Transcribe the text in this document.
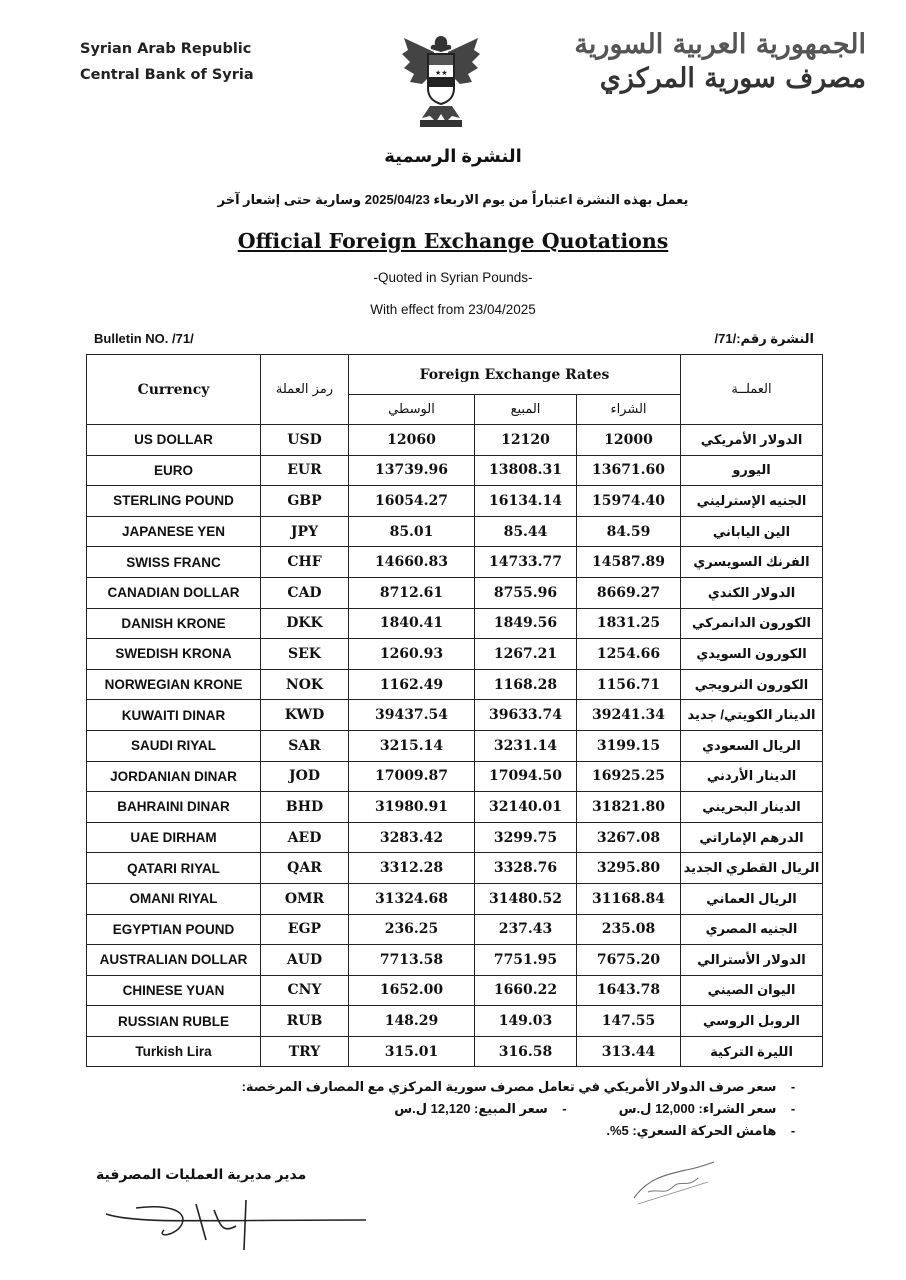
Syrian Arab Republic
Central Bank of Syria	★★
الجمهورية العربية السورية
مصرف سورية المركزي
النشرة الرسمية
يعمل بهذه النشرة اعتباراً من يوم الاربعاء 2025/04/23 وسارية حتى إشعار آخر
Official Foreign Exchange Quotations
-Quoted in Syrian Pounds-
With effect from 23/04/2025
Bulletin NO. /71/	النشرة رقم:/71/
Currency	رمز العملة	Foreign Exchange Rates			العملــة
		الوسطي	المبيع	الشراء	
US DOLLAR	USD	12060	12120	12000	الدولار الأمريكي
EURO	EUR	13739.96	13808.31	13671.60	اليورو
STERLING POUND	GBP	16054.27	16134.14	15974.40	الجنيه الإسترليني
JAPANESE YEN	JPY	85.01	85.44	84.59	الين الياباني
SWISS FRANC	CHF	14660.83	14733.77	14587.89	الفرنك السويسري
CANADIAN DOLLAR	CAD	8712.61	8755.96	8669.27	الدولار الكندي
DANISH KRONE	DKK	1840.41	1849.56	1831.25	الكورون الدانمركي
SWEDISH KRONA	SEK	1260.93	1267.21	1254.66	الكورون السويدي
NORWEGIAN KRONE	NOK	1162.49	1168.28	1156.71	الكورون النرويجي
KUWAITI DINAR	KWD	39437.54	39633.74	39241.34	الدينار الكويتي/ جديد
SAUDI RIYAL	SAR	3215.14	3231.14	3199.15	الريال السعودي
JORDANIAN DINAR	JOD	17009.87	17094.50	16925.25	الدينار الأردني
BAHRAINI DINAR	BHD	31980.91	32140.01	31821.80	الدينار البحريني
UAE DIRHAM	AED	3283.42	3299.75	3267.08	الدرهم الإماراتي
QATARI RIYAL	QAR	3312.28	3328.76	3295.80	الريال القطري الجديد
OMANI RIYAL	OMR	31324.68	31480.52	31168.84	الريال العماني
EGYPTIAN POUND	EGP	236.25	237.43	235.08	الجنيه المصري
AUSTRALIAN DOLLAR	AUD	7713.58	7751.95	7675.20	الدولار الأسترالي
CHINESE YUAN	CNY	1652.00	1660.22	1643.78	اليوان الصيني
RUSSIAN RUBLE	RUB	148.29	149.03	147.55	الروبل الروسي
Turkish Lira	TRY	315.01	316.58	313.44	الليرة التركية
- سعر صرف الدولار الأمريكي في تعامل مصرف سورية المركزي مع المصارف المرخصة:
- سعر الشراء: 12,000 ل.س  - سعر المبيع: 12,120 ل.س
- هامش الحركة السعري: 5%.
مدير مديرية العمليات المصرفية
